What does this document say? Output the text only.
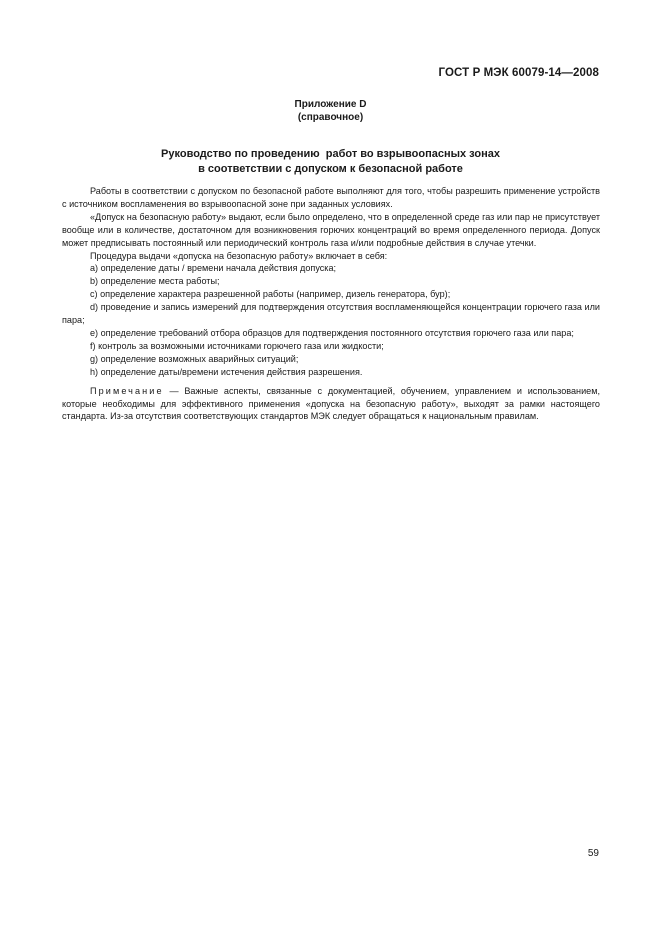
ГОСТ Р МЭК 60079-14—2008
Приложение D
(справочное)
Руководство по проведению  работ во взрывоопасных зонах
в соответствии с допуском к безопасной работе

Работы в соответствии с допуском по безопасной работе выполняют для того, чтобы разрешить применение устройств с источником воспламенения во взрывоопасной зоне при заданных условиях.

«Допуск на безопасную работу» выдают, если было определено, что в определенной среде газ или пар не присутствует вообще или в количестве, достаточном для возникновения горючих концентраций во время определенного периода. Допуск может предписывать постоянный или периодический контроль газа и/или подробные действия в случае утечки.

Процедура выдачи «допуска на безопасную работу» включает в себя:

a) определение даты / времени начала действия допуска;

b) определение места работы;

c) определение характера разрешенной работы (например, дизель генератора, бур);

d) проведение и запись измерений для подтверждения отсутствия воспламеняющейся концентрации горючего газа или пара;

e) определение требований отбора образцов для подтверждения постоянного отсутствия горючего газа или пара;

f) контроль за возможными источниками горючего газа или жидкости;

g) определение возможных аварийных ситуаций;

h) определение даты/времени истечения действия разрешения.

Примечание — Важные аспекты, связанные с документацией, обучением, управлением и использованием, которые необходимы для эффективного применения «допуска на безопасную работу», выходят за рамки настоящего стандарта. Из-за отсутствия соответствующих стандартов МЭК следует обращаться к национальным правилам.

59
